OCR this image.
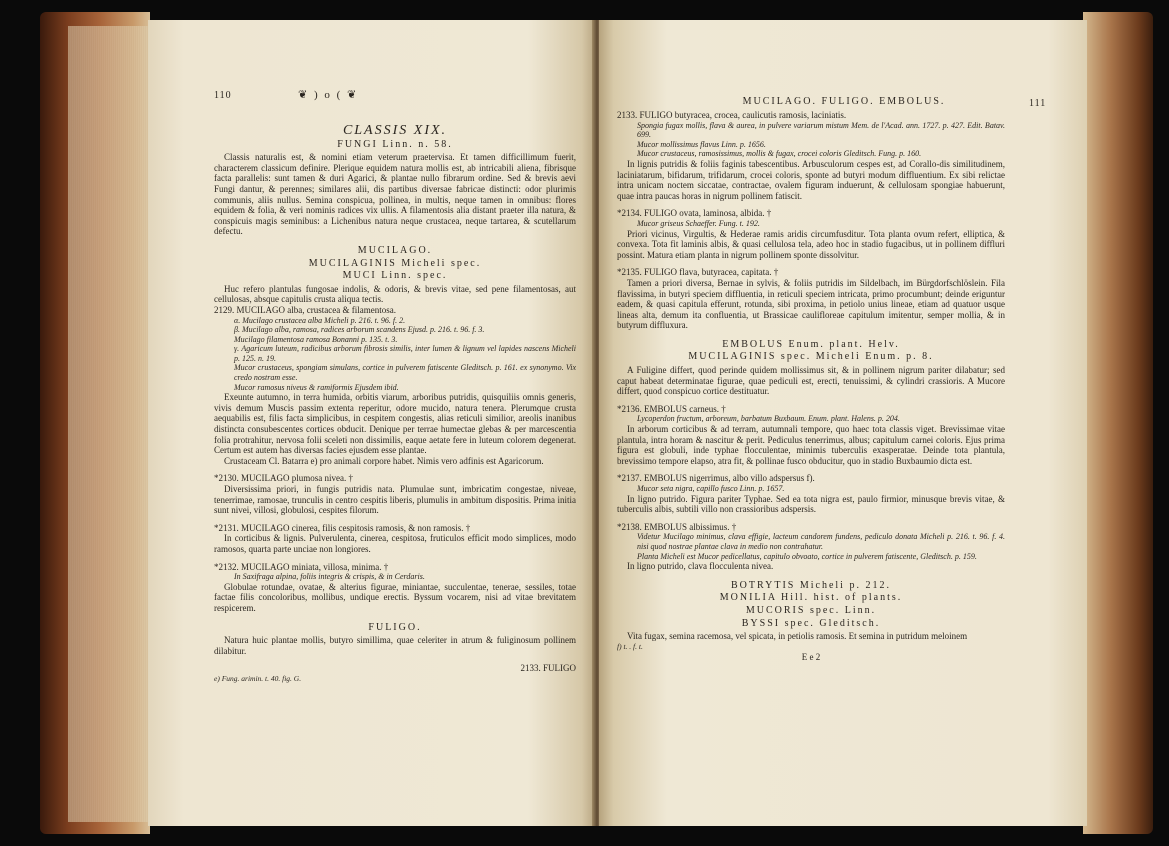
110	❦ ) o ( ❦
CLASSIS XIX.
FUNGI Linn. n. 58.

Classis naturalis est, & nomini etiam veterum praetervisa. Et tamen difficillimum fuerit, characterem classicum definire. Plerique equidem natura mollis est, ab intricabili aliena, fibrisque facta parallelis: sunt tamen & duri Agarici, & plantae nullo fibrarum ordine. Sed & brevis aevi Fungi dantur, & perennes; similares alii, dis partibus diversae fabricae distincti: odor plurimis communis, aliis nullus. Semina conspicua, pollinea, in multis, neque tamen in omnibus: flores equidem & folia, & veri nominis radices vix ullis. A filamentosis alia distant praeter illa natura, & conspicuis magis seminibus: a Lichenibus natura neque crustacea, neque tartarea, & scutellarum defectu.

MUCILAGO.
MUCILAGINIS Micheli spec.
MUCI Linn. spec.

Huc refero plantulas fungosae indolis, & odoris, & brevis vitae, sed pene filamentosas, aut cellulosas, absque capitulis crusta aliqua tectis.

2129. MUCILAGO alba, crustacea & filamentosa.

α. Mucilago crustacea alba Micheli p. 216. t. 96. f. 2.

β. Mucilago alba, ramosa, radices arborum scandens Ejusd. p. 216. t. 96. f. 3.

Mucilago filamentosa ramosa Bonanni p. 135. t. 3.

γ. Agaricum luteum, radicibus arborum fibrosis similis, inter lumen & lignum vel lapides nascens Micheli p. 125. n. 19.

Mucor crustaceus, spongiam simulans, cortice in pulverem fatiscente Gleditsch. p. 161. ex synonymo. Vix credo nostram esse.

Mucor ramosus niveus & ramiformis Ejusdem ibid.

Exeunte autumno, in terra humida, orbitis viarum, arboribus putridis, quisquiliis omnis generis, vivis demum Muscis passim extenta reperitur, odore mucido, natura tenera. Plerumque crusta aequabilis est, filis facta simplicibus, in cespitem congestis, alias reticuli similior, areolis inanibus distincta consubescentes cortices obducit. Denique per terrae humectae glebas & per marcescentia folia protrahitur, nervosa folii sceleti non dissimilis, eaque aetate fere in luteum colorem degenerat. Certum est autem has diversas facies ejusdem esse plantae.

Crustaceam Cl. Batarra e) pro animali corpore habet. Nimis vero adfinis est Agaricorum.

*2130. MUCILAGO plumosa nivea. †

Diversissima priori, in fungis putridis nata. Plumulae sunt, imbricatim congestae, niveae, tenerrimae, ramosae, trunculis in centro cespitis liberis, plumulis in ambitum dispositis. Prima initia sunt nivei, villosi, globulosi, cespites filorum.

*2131. MUCILAGO cinerea, filis cespitosis ramosis, & non ramosis. †

In corticibus & lignis. Pulverulenta, cinerea, cespitosa, fruticulos efficit modo simplices, modo ramosos, quarta parte unciae non longiores.

*2132. MUCILAGO miniata, villosa, minima. †

In Saxifraga alpina, foliis integris & crispis, & in Cerdaris.

Globulae rotundae, ovatae, & alterius figurae, miniantae, succulentae, tenerae, sessiles, totae factae filis concoloribus, mollibus, undique erectis. Byssum vocarem, nisi ad vitae brevitatem respicerem.

FULIGO.

Natura huic plantae mollis, butyro simillima, quae celeriter in atrum & fuliginosum pollinem dilabitur.

2133. FULIGO
e) Fung. arimin. t. 40. fig. G.
MUCILAGO. FULIGO. EMBOLUS.	111

2133. FULIGO butyracea, crocea, caulicutis ramosis, laciniatis.

Spongia fugax mollis, flava & aurea, in pulvere variarum mistum Mem. de l'Acad. ann. 1727. p. 427. Edit. Batav. 699.

Mucor mollissimus flavus Linn. p. 1656.

Mucor crustaceus, ramosissimus, mollis & fugax, crocei coloris Gleditsch. Fung. p. 160.

In lignis putridis & foliis faginis tabescentibus. Arbusculorum cespes est, ad Corallo-dis similitudinem, laciniatarum, bifidarum, trifidarum, crocei coloris, sponte ad butyri modum diffluentium. Ex sibi relictae intra unicam noctem siccatae, contractae, ovalem figuram induerunt, & cellulosam spongiae habuerunt, quae intra paucas horas in nigrum pollinem fatiscit.

*2134. FULIGO ovata, laminosa, albida. †

Mucor griseus Schaeffer. Fung. t. 192.

Priori vicinus, Virgultis, & Hederae ramis aridis circumfusditur. Tota planta ovum refert, elliptica, & convexa. Tota fit laminis albis, & quasi cellulosa tela, adeo hoc in stadio fugacibus, ut in pollinem diffluri possint. Matura etiam planta in nigrum pollinem sponte dissolvitur.

*2135. FULIGO flava, butyracea, capitata. †

Tamen a priori diversa, Bernae in sylvis, & foliis putridis im Sildelbach, im Bürgdorfschlöslein. Fila flavissima, in butyri speciem diffluentia, in reticuli speciem intricata, primo procumbunt; deinde eriguntur eadem, & quasi capitula efferunt, rotunda, sibi proxima, in petiolo unius lineae, etiam ad quatuor usque lineas alta, demum ita confluentia, ut Brassicae caulifloreae capitulum imitentur, semper mollia, & in butyrum diffluxura.

EMBOLUS Enum. plant. Helv.
MUCILAGINIS spec. Micheli Enum. p. 8.

A Fuligine differt, quod perinde quidem mollissimus sit, & in pollinem nigrum pariter dilabatur; sed caput habeat determinatae figurae, quae pediculi est, erecti, tenuissimi, & cylindri crassioris. A Mucore differt, quod conspicuo cortice destituatur.

*2136. EMBOLUS carneus. †

Lycoperdon fructum, arboreum, barbatum Buxbaum. Enum. plant. Halens. p. 204.

In arborum corticibus & ad terram, autumnali tempore, quo haec tota classis viget. Brevissimae vitae plantula, intra horam & nascitur & perit. Pediculus tenerrimus, albus; capitulum carnei coloris. Ejus prima figura est globuli, inde typhae flocculentae, minimis tuberculis exasperatae. Deinde tota plantula, brevissimo tempore elapso, atra fit, & pollinae fusco obducitur, quo in stadio Buxbaumio dicta est.

*2137. EMBOLUS nigerrimus, albo villo adspersus f).

Mucor seta nigra, capillo fusco Linn. p. 1657.

In ligno putrido. Figura pariter Typhae. Sed ea tota nigra est, paulo firmior, minusque brevis vitae, & tuberculis albis, subtili villo non crassioribus adspersis.

*2138. EMBOLUS albissimus. †

Videtur Mucilago minimus, clava effigie, lacteum candorem fundens, pediculo donata Micheli p. 216. t. 96. f. 4. nisi quod nostrae plantae clava in medio non contrahatur.

Planta Micheli est Mucor pedicellatus, capitulo obvoato, cortice in pulverem fatiscente, Gleditsch. p. 159.

In ligno putrido, clava flocculenta nivea.

BOTRYTIS Micheli p. 212.
MONILIA Hill. hist. of plants.
MUCORIS spec. Linn.
BYSSI spec. Gleditsch.

Vita fugax, semina racemosa, vel spicata, in petiolis ramosis. Et semina in putridum meloinem

f) t. . f. t.
E e 2
